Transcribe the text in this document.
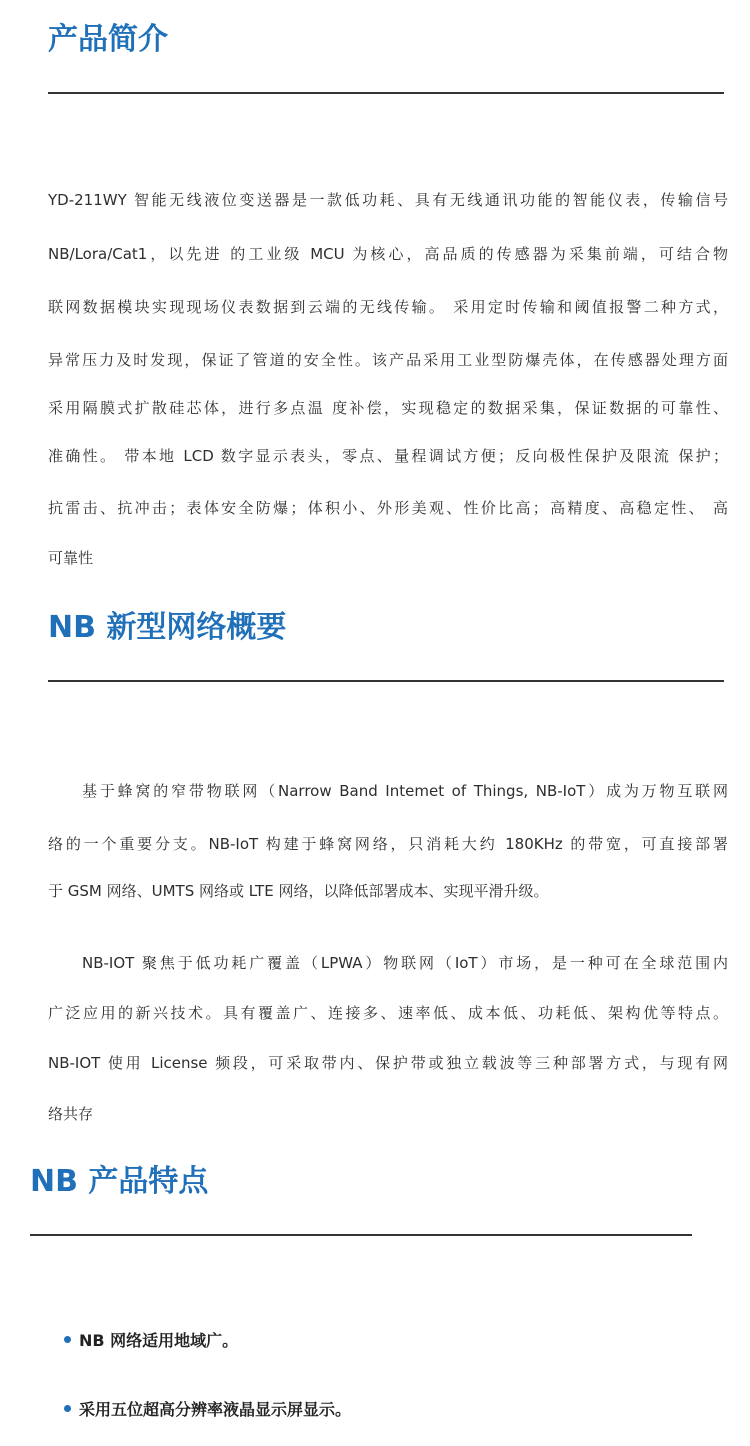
产品简介
YD-211WY 智能无线液位变送器是一款低功耗、具有无线通讯功能的智能仪表，传输信号
NB/Lora/Cat1，以先进 的工业级 MCU 为核心，高品质的传感器为采集前端，可结合物
联网数据模块实现现场仪表数据到云端的无线传输。 采用定时传输和阈值报警二种方式，
异常压力及时发现，保证了管道的安全性。该产品采用工业型防爆壳体，在传感器处理方面
采用隔膜式扩散硅芯体，进行多点温 度补偿，实现稳定的数据采集，保证数据的可靠性、
准确性。 带本地 LCD 数字显示表头，零点、量程调试方便；反向极性保护及限流 保护；
抗雷击、抗冲击；表体安全防爆；体积小、外形美观、性价比高；高精度、高稳定性、 高
可靠性
NB 新型网络概要
基于蜂窝的窄带物联网（Narrow Band Intemet of Things, NB-IoT）成为万物互联网
络的一个重要分支。NB-IoT 构建于蜂窝网络，只消耗大约 180KHz 的带宽，可直接部署
于 GSM 网络、UMTS 网络或 LTE 网络，以降低部署成本、实现平滑升级。
NB-IOT 聚焦于低功耗广覆盖（LPWA）物联网（IoT）市场，是一种可在全球范围内
广泛应用的新兴技术。具有覆盖广、连接多、速率低、成本低、功耗低、架构优等特点。
NB-IOT 使用 License 频段，可采取带内、保护带或独立载波等三种部署方式，与现有网
络共存
NB 产品特点
NB 网络适用地域广。
采用五位超高分辨率液晶显示屏显示。
